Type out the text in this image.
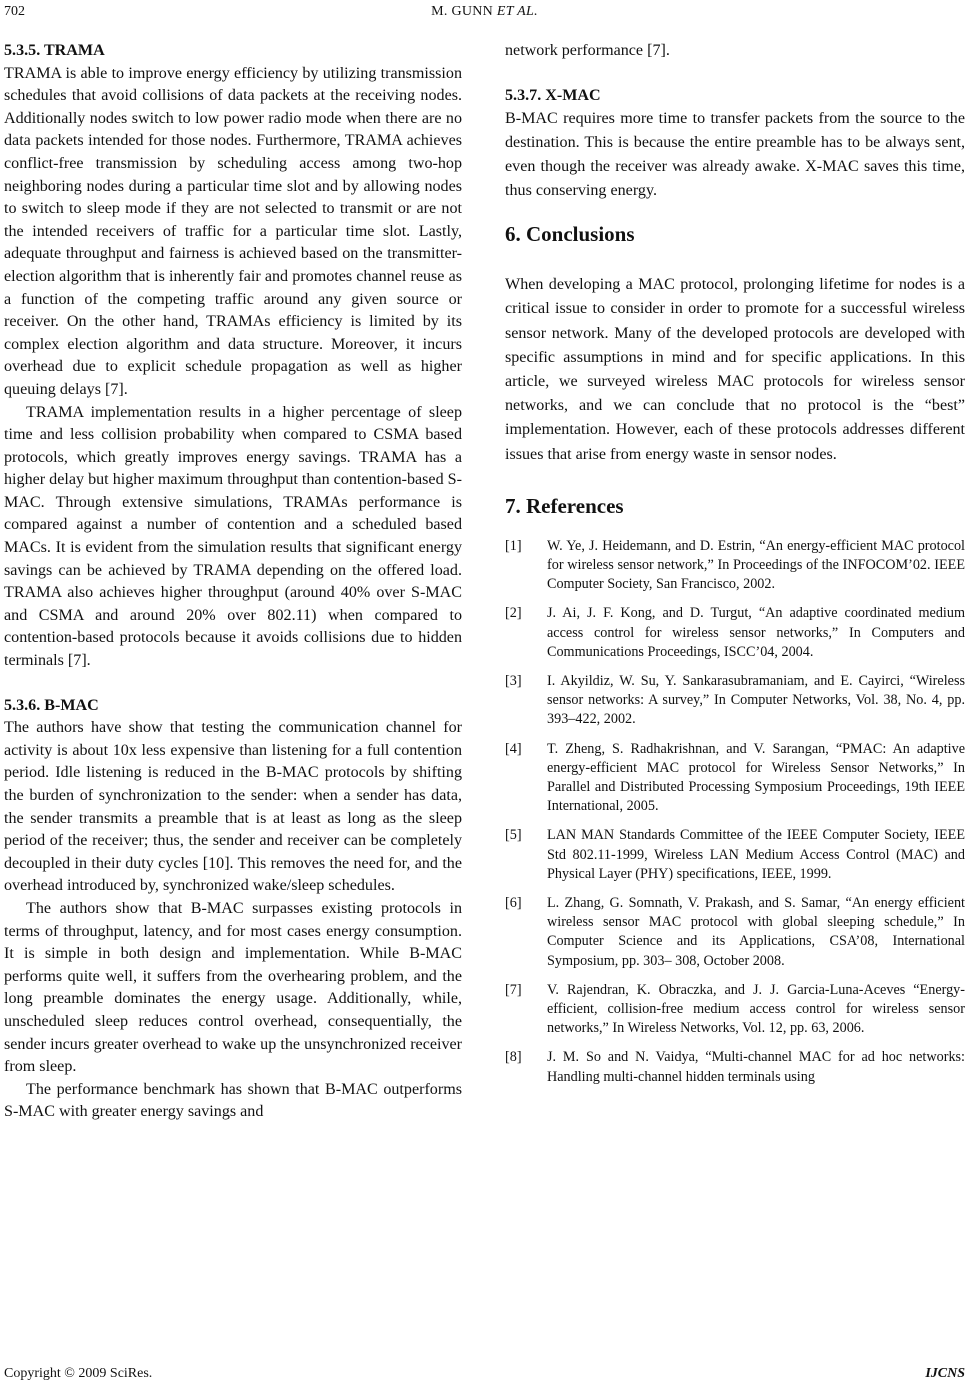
702	M. GUNN ET AL.
5.3.5. TRAMA

TRAMA is able to improve energy efficiency by utilizing transmission schedules that avoid collisions of data packets at the receiving nodes. Additionally nodes switch to low power radio mode when there are no data packets intended for those nodes. Furthermore, TRAMA achieves conflict-free transmission by scheduling access among two-hop neighboring nodes during a particular time slot and by allowing nodes to switch to sleep mode if they are not selected to transmit or are not the intended receivers of traffic for a particular time slot. Lastly, adequate throughput and fairness is achieved based on the transmitter-election algorithm that is inherently fair and promotes channel reuse as a function of the competing traffic around any given source or receiver. On the other hand, TRAMAs efficiency is limited by its complex election algorithm and data structure. Moreover, it incurs overhead due to explicit schedule propagation as well as higher queuing delays [7].

TRAMA implementation results in a higher percentage of sleep time and less collision probability when compared to CSMA based protocols, which greatly improves energy savings. TRAMA has a higher delay but higher maximum throughput than contention-based S-MAC. Through extensive simulations, TRAMAs performance is compared against a number of contention and a scheduled based MACs. It is evident from the simulation results that significant energy savings can be achieved by TRAMA depending on the offered load. TRAMA also achieves higher throughput (around 40% over S-MAC and CSMA and around 20% over 802.11) when compared to contention-based protocols because it avoids collisions due to hidden terminals [7].

5.3.6. B-MAC

The authors have show that testing the communication channel for activity is about 10x less expensive than listening for a full contention period. Idle listening is reduced in the B-MAC protocols by shifting the burden of synchronization to the sender: when a sender has data, the sender transmits a preamble that is at least as long as the sleep period of the receiver; thus, the sender and receiver can be completely decoupled in their duty cycles [10]. This removes the need for, and the overhead introduced by, synchronized wake/sleep schedules.

The authors show that B-MAC surpasses existing protocols in terms of throughput, latency, and for most cases energy consumption. It is simple in both design and implementation. While B-MAC performs quite well, it suffers from the overhearing problem, and the long preamble dominates the energy usage. Additionally, while, unscheduled sleep reduces control overhead, consequentially, the sender incurs greater overhead to wake up the unsynchronized receiver from sleep.

The performance benchmark has shown that B-MAC outperforms S-MAC with greater energy savings and

network performance [7].

5.3.7. X-MAC

B-MAC requires more time to transfer packets from the source to the destination. This is because the entire preamble has to be always sent, even though the receiver was already awake. X-MAC saves this time, thus conserving energy.

6. Conclusions

When developing a MAC protocol, prolonging lifetime for nodes is a critical issue to consider in order to promote for a successful wireless sensor network. Many of the developed protocols are developed with specific assumptions in mind and for specific applications. In this article, we surveyed wireless MAC protocols for wireless sensor networks, and we can conclude that no protocol is the “best” implementation. However, each of these protocols addresses different issues that arise from energy waste in sensor nodes.

7. References
[1] W. Ye, J. Heidemann, and D. Estrin, “An energy-efficient MAC protocol for wireless sensor network,” In Proceedings of the INFOCOM’02. IEEE Computer Society, San Francisco, 2002.
[2] J. Ai, J. F. Kong, and D. Turgut, “An adaptive coordinated medium access control for wireless sensor networks,” In Computers and Communications Proceedings, ISCC’04, 2004.
[3] I. Akyildiz, W. Su, Y. Sankarasubramaniam, and E. Cayirci, “Wireless sensor networks: A survey,” In Computer Networks, Vol. 38, No. 4, pp. 393–422, 2002.
[4] T. Zheng, S. Radhakrishnan, and V. Sarangan, “PMAC: An adaptive energy-efficient MAC protocol for Wireless Sensor Networks,” In Parallel and Distributed Processing Symposium Proceedings, 19th IEEE International, 2005.
[5] LAN MAN Standards Committee of the IEEE Computer Society, IEEE Std 802.11-1999, Wireless LAN Medium Access Control (MAC) and Physical Layer (PHY) specifications, IEEE, 1999.
[6] L. Zhang, G. Somnath, V. Prakash, and S. Samar, “An energy efficient wireless sensor MAC protocol with global sleeping schedule,” In Computer Science and its Applications, CSA’08, International Symposium, pp. 303– 308, October 2008.
[7] V. Rajendran, K. Obraczka, and J. J. Garcia-Luna-Aceves “Energy-efficient, collision-free medium access control for wireless sensor networks,” In Wireless Networks, Vol. 12, pp. 63, 2006.
[8] J. M. So and N. Vaidya, “Multi-channel MAC for ad hoc networks: Handling multi-channel hidden terminals using
Copyright © 2009 SciRes.	IJCNS
